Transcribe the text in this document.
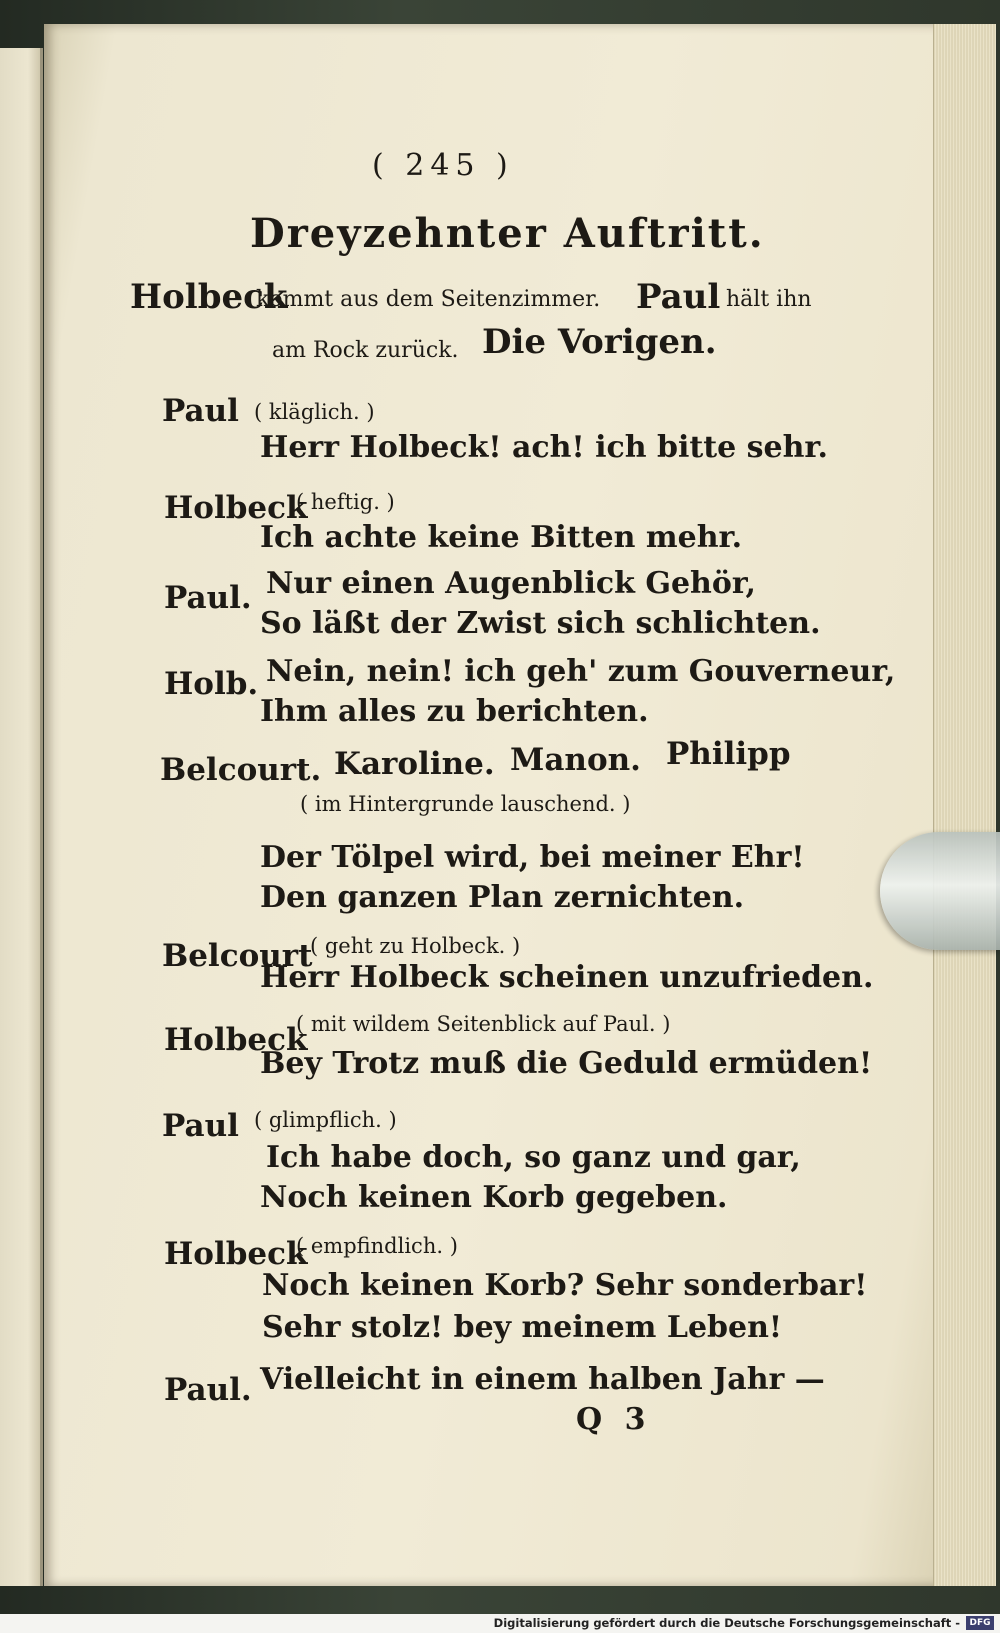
( 245 )
Dreyzehnter Auftritt.
Holbeck
kommt aus dem Seitenzimmer. Paul hält ihn
am Rock zurück. Die Vorigen.
Paul ( kläglich. )
Herr Holbeck! ach! ich bitte sehr.
Holbeck
( heftig. )
Ich achte keine Bitten mehr.
Paul. Nur einen Augenblick Gehör,
So läßt der Zwist sich schlichten.
Holb. Nein, nein! ich geh' zum Gouverneur,
Ihm alles zu berichten.
Belcourt. Karoline. Manon. Philipp
( im Hintergrunde lauschend. )
Der Tölpel wird, bei meiner Ehr!
Den ganzen Plan zernichten.
Belcourt
( geht zu Holbeck. )
Herr Holbeck scheinen unzufrieden.
Holbeck
( mit wildem Seitenblick auf Paul. )
Bey Trotz muß die Geduld ermüden!
Paul ( glimpflich. )
Ich habe doch, so ganz und gar,
Noch keinen Korb gegeben.
Holbeck
( empfindlich. )
Noch keinen Korb? Sehr sonderbar!
Sehr stolz! bey meinem Leben!
Paul. Vielleicht in einem halben Jahr —
Q 3
Digitalisierung gefördert durch die Deutsche Forschungsgemeinschaft -	DFG
